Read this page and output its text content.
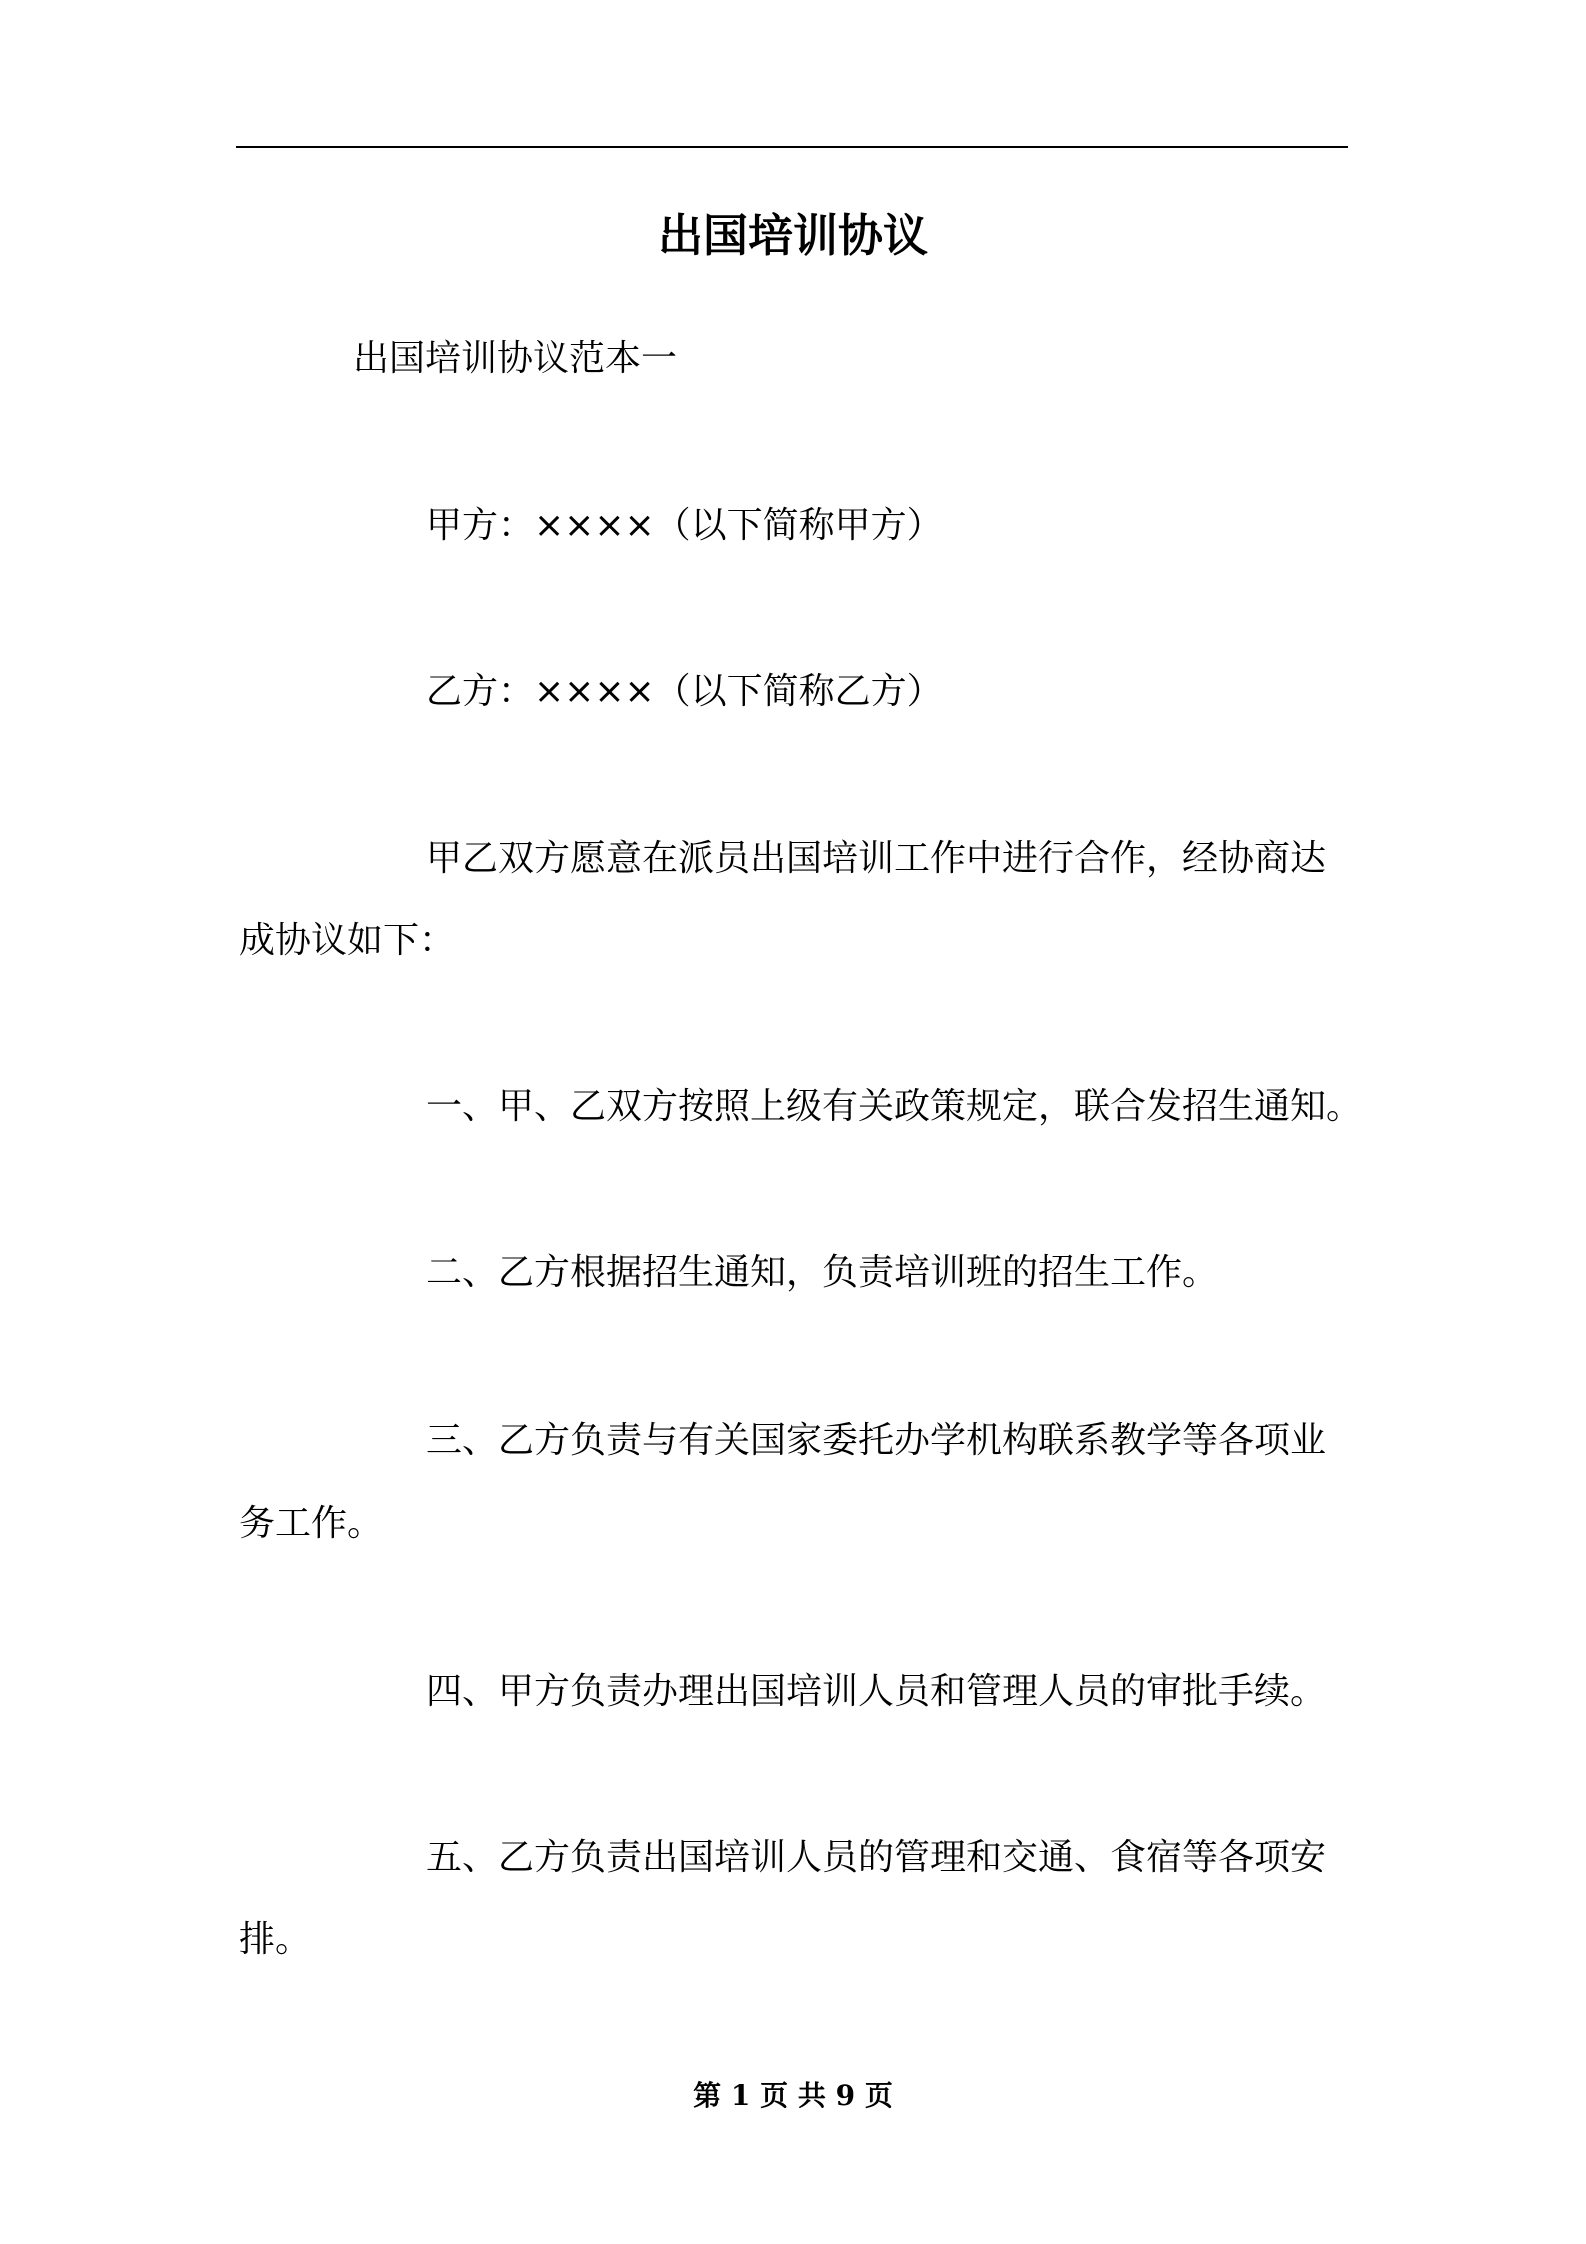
出国培训协议
出国培训协议范本一
甲方：××××（以下简称甲方）
乙方：××××（以下简称乙方）
甲乙双方愿意在派员出国培训工作中进行合作，经协商达
成协议如下：
一、甲、乙双方按照上级有关政策规定，联合发招生通知。
二、乙方根据招生通知，负责培训班的招生工作。
三、乙方负责与有关国家委托办学机构联系教学等各项业
务工作。
四、甲方负责办理出国培训人员和管理人员的审批手续。
五、乙方负责出国培训人员的管理和交通、食宿等各项安
排。
第 1 页 共 9 页
